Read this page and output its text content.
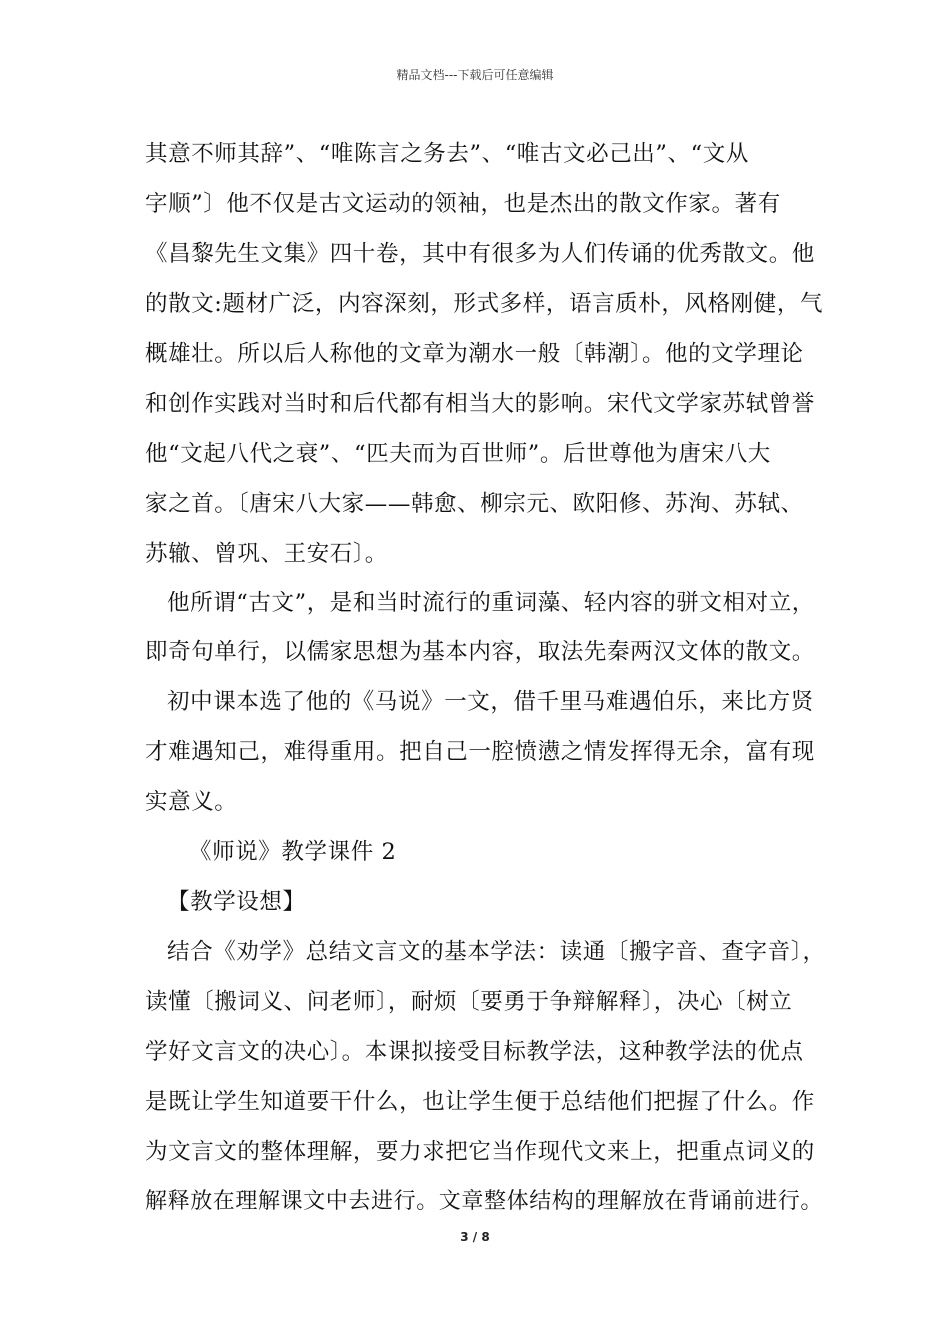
精品文档---下载后可任意编辑
其意不师其辞”、“唯陈言之务去”、“唯古文必己出”、“文从
字顺”〕他不仅是古文运动的领袖，也是杰出的散文作家。著有
《昌黎先生文集》四十卷，其中有很多为人们传诵的优秀散文。他
的散文:题材广泛，内容深刻，形式多样，语言质朴，风格刚健，气
概雄壮。所以后人称他的文章为潮水一般〔韩潮〕。他的文学理论
和创作实践对当时和后代都有相当大的影响。宋代文学家苏轼曾誉
他“文起八代之衰”、“匹夫而为百世师”。后世尊他为唐宋八大
家之首。〔唐宋八大家——韩愈、柳宗元、欧阳修、苏洵、苏轼、
苏辙、曾巩、王安石〕。
他所谓“古文”，是和当时流行的重词藻、轻内容的骈文相对立，
即奇句单行，以儒家思想为基本内容，取法先秦两汉文体的散文。
初中课本选了他的《马说》一文，借千里马难遇伯乐，来比方贤
才难遇知己，难得重用。把自己一腔愤懑之情发挥得无余，富有现
实意义。
《师说》教学课件 2
【教学设想】
结合《劝学》总结文言文的基本学法：读通〔搬字音、查字音〕，
读懂〔搬词义、问老师〕，耐烦〔要勇于争辩解释〕，决心〔树立
学好文言文的决心〕。本课拟接受目标教学法，这种教学法的优点
是既让学生知道要干什么，也让学生便于总结他们把握了什么。作
为文言文的整体理解，要力求把它当作现代文来上，把重点词义的
解释放在理解课文中去进行。文章整体结构的理解放在背诵前进行。
3 / 8
